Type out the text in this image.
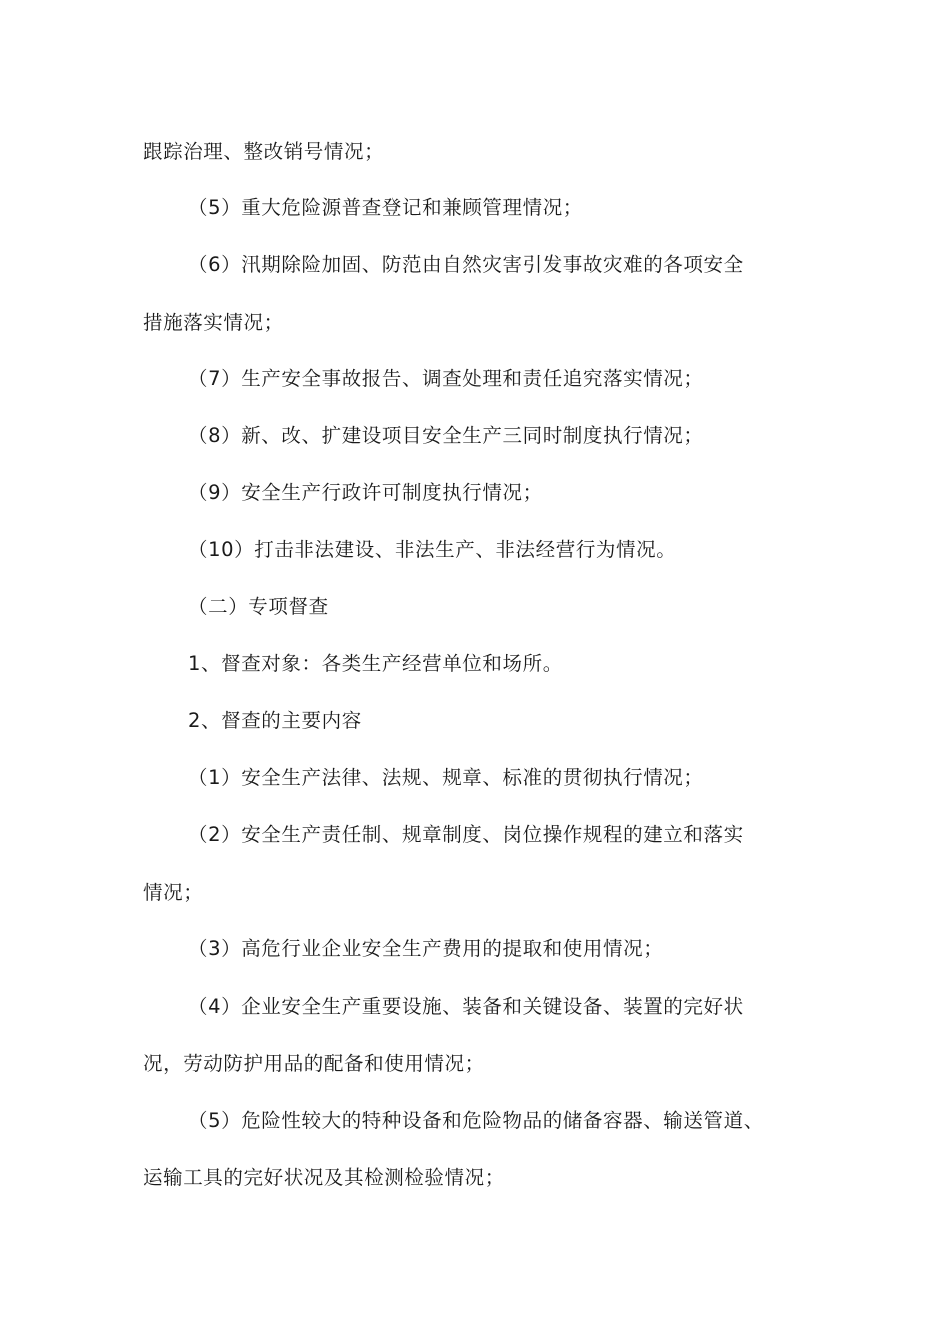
跟踪治理、整改销号情况；
（5）重大危险源普查登记和兼顾管理情况；
（6）汛期除险加固、防范由自然灾害引发事故灾难的各项安全
措施落实情况；
（7）生产安全事故报告、调查处理和责任追究落实情况；
（8）新、改、扩建设项目安全生产三同时制度执行情况；
（9）安全生产行政许可制度执行情况；
（10）打击非法建设、非法生产、非法经营行为情况。
（二）专项督查
1、督查对象：各类生产经营单位和场所。
2、督查的主要内容
（1）安全生产法律、法规、规章、标准的贯彻执行情况；
（2）安全生产责任制、规章制度、岗位操作规程的建立和落实
情况；
（3）高危行业企业安全生产费用的提取和使用情况；
（4）企业安全生产重要设施、装备和关键设备、装置的完好状
况，劳动防护用品的配备和使用情况；
（5）危险性较大的特种设备和危险物品的储备容器、输送管道、
运输工具的完好状况及其检测检验情况；
